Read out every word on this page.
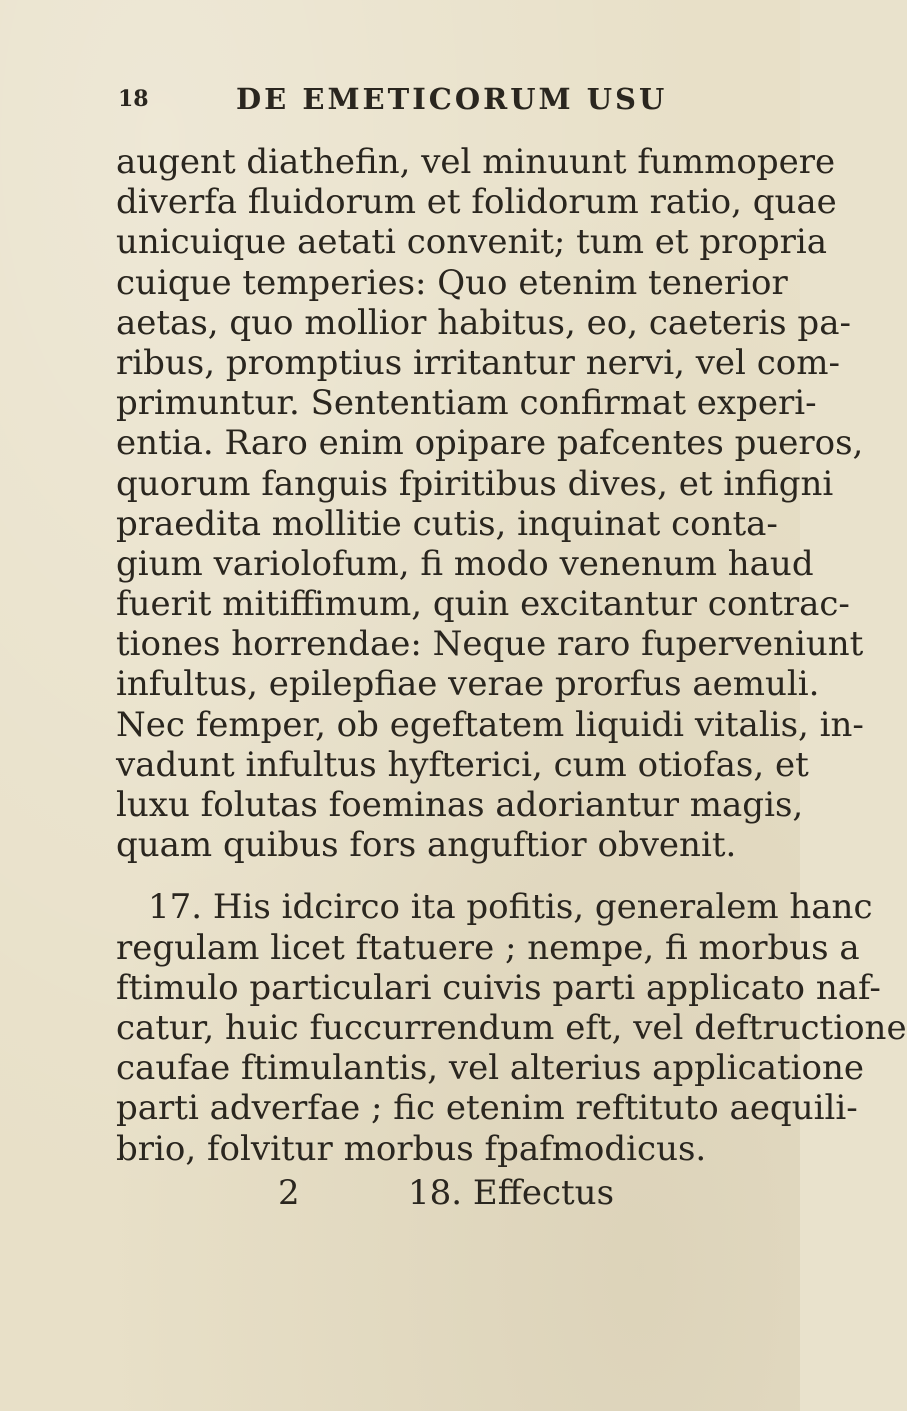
18	DE EMETICORUM USU
augent diathefin, vel minuunt fummopere
diverfa fluidorum et folidorum ratio, quae
unicuique aetati convenit; tum et propria
cuique temperies: Quo etenim tenerior
aetas, quo mollior habitus, eo, caeteris pa-
ribus, promptius irritantur nervi, vel com-
primuntur. Sententiam confirmat experi-
entia. Raro enim opipare pafcentes pueros,
quorum fanguis fpiritibus dives, et infigni
praedita mollitie cutis, inquinat conta-
gium variolofum, fi modo venenum haud
fuerit mitiffimum, quin excitantur contrac-
tiones horrendae: Neque raro fuperveniunt
infultus, epilepfiae verae prorfus aemuli.
Nec femper, ob egeftatem liquidi vitalis, in-
vadunt infultus hyfterici, cum otiofas, et
luxu folutas foeminas adoriantur magis,
quam quibus fors anguftior obvenit.
17. His idcirco ita pofitis, generalem hanc
regulam licet ftatuere ; nempe, fi morbus a
ftimulo particulari cuivis parti applicato naf-
catur, huic fuccurrendum eft, vel deftructione
caufae ftimulantis, vel alterius applicatione
parti adverfae ; fic etenim reftituto aequili-
brio, folvitur morbus fpafmodicus.
2	18. Effectus
